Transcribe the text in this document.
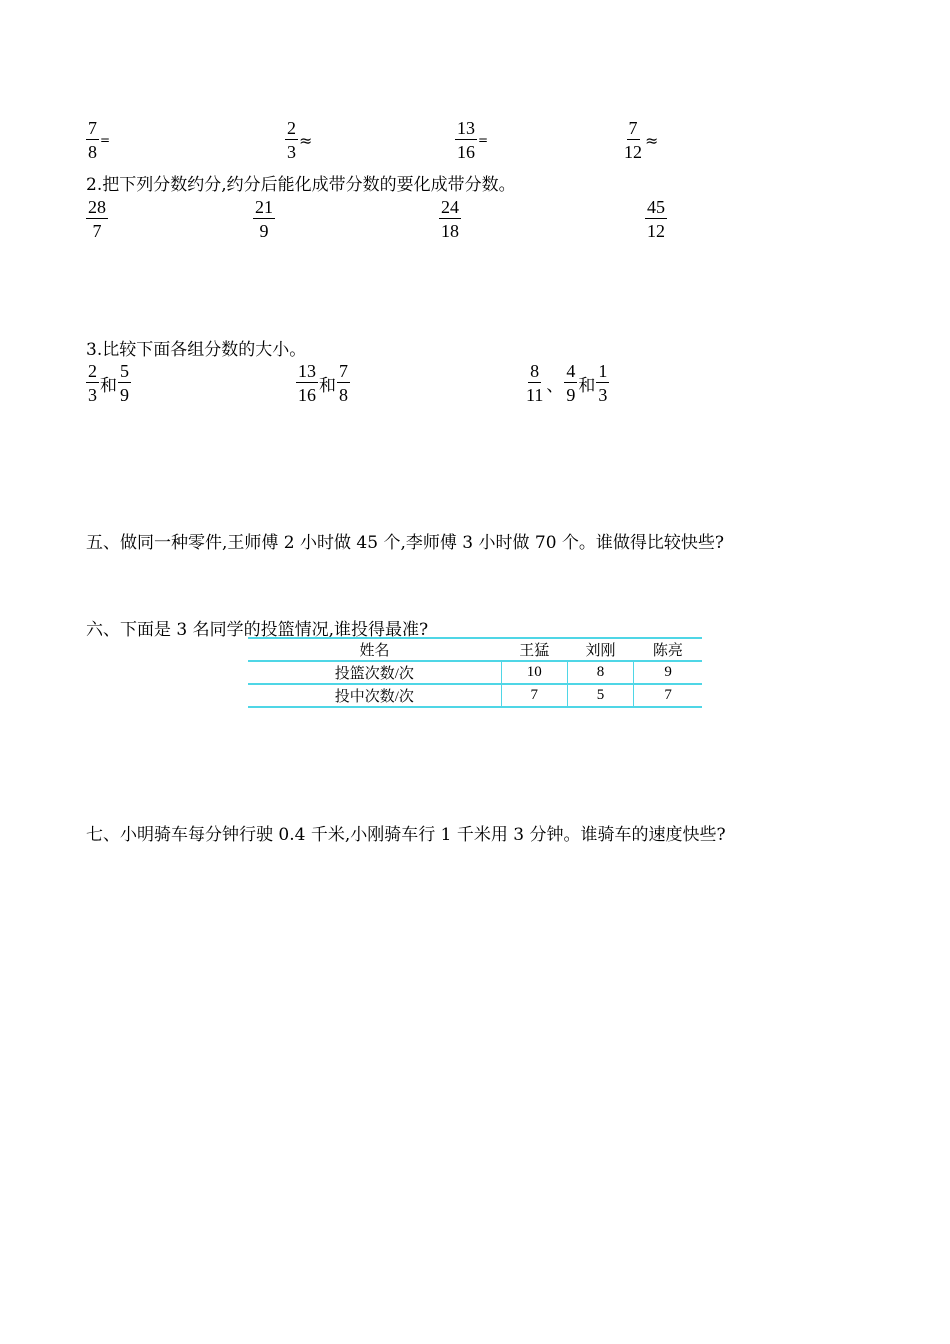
$\frac{7}{8}$ =	$\frac{2}{3}$ ≈	$\frac{13}{16}$ =	$\frac{7}{12}$ ≈
2.把下列分数约分,约分后能化成带分数的要化成带分数。
$\frac{28}{7}$	$\frac{21}{9}$	$\frac{24}{18}$	$\frac{45}{12}$
3.比较下面各组分数的大小。
$\frac{2}{3}$ 和 $\frac{5}{9}$	$\frac{13}{16}$ 和 $\frac{7}{8}$	$\frac{8}{11}$ 、 $\frac{4}{9}$ 和 $\frac{1}{3}$
五、做同一种零件,王师傅 2 小时做 45 个,李师傅 3 小时做 70 个。谁做得比较快些?
六、下面是 3 名同学的投篮情况,谁投得最准?
姓名	王猛	刘刚	陈亮
投篮次数/次	10	8	9
投中次数/次	7	5	7
七、小明骑车每分钟行驶 0.4 千米,小刚骑车行 1 千米用 3 分钟。谁骑车的速度快些?
